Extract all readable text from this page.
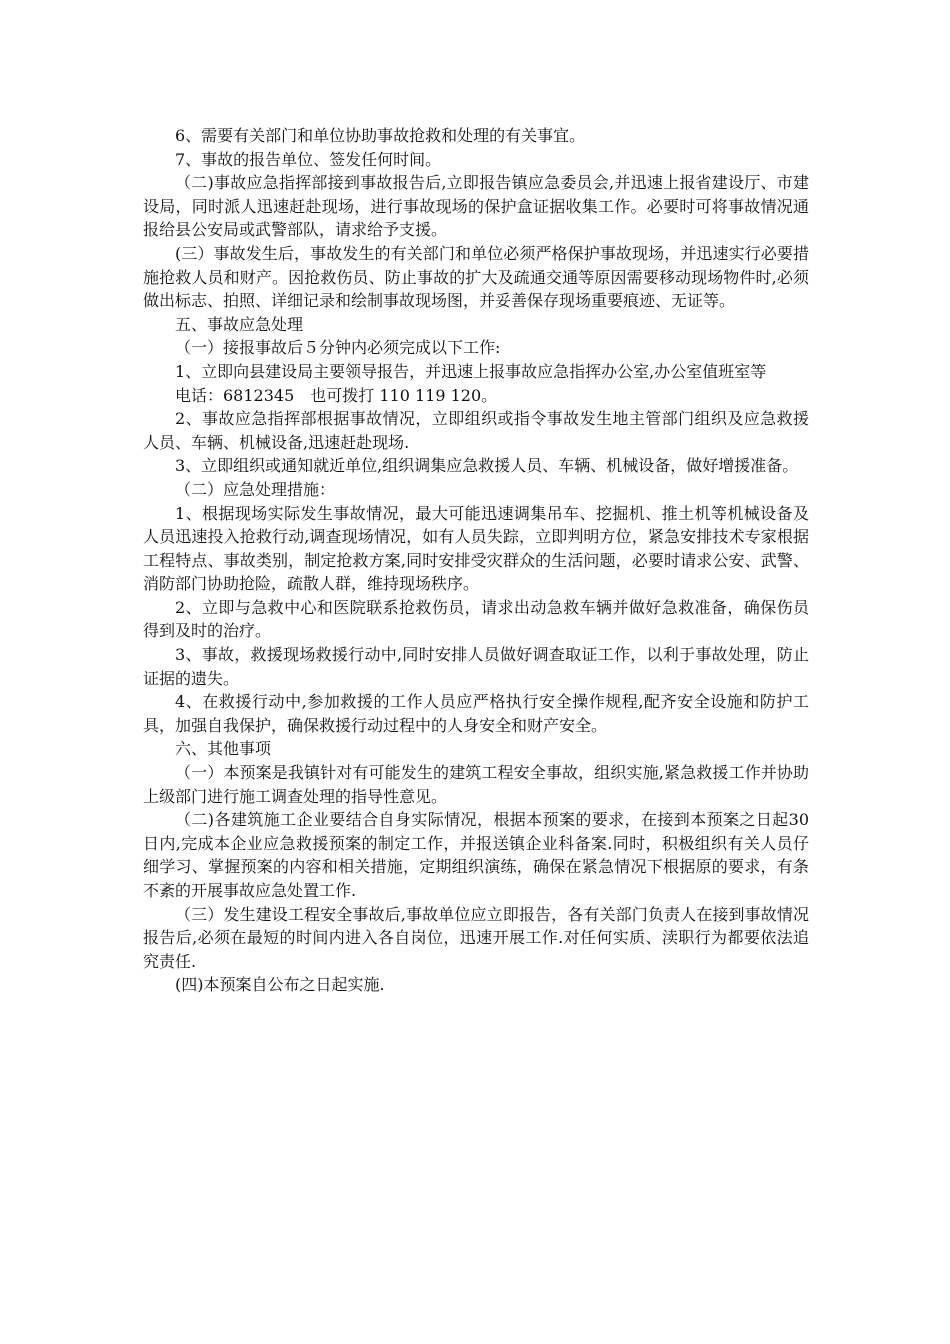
6、需要有关部门和单位协助事故抢救和处理的有关事宜。

7、事故的报告单位、签发任何时间。

（二)事故应急指挥部接到事故报告后,立即报告镇应急委员会,并迅速上报省建设厅、市建设局，同时派人迅速赶赴现场，进行事故现场的保护盒证据收集工作。必要时可将事故情况通报给县公安局或武警部队，请求给予支援。

(三）事故发生后，事故发生的有关部门和单位必须严格保护事故现场，并迅速实行必要措施抢救人员和财产。因抢救伤员、防止事故的扩大及疏通交通等原因需要移动现场物件时,必须做出标志、拍照、详细记录和绘制事故现场图，并妥善保存现场重要痕迹、无证等。

五、事故应急处理

（一）接报事故后５分钟内必须完成以下工作:

1、立即向县建设局主要领导报告，并迅速上报事故应急指挥办公室,办公室值班室等

电话：6812345　也可拨打 110 119 120。

2、事故应急指挥部根据事故情况，立即组织或指令事故发生地主管部门组织及应急救援人员、车辆、机械设备,迅速赶赴现场.

3、立即组织或通知就近单位,组织调集应急救援人员、车辆、机械设备，做好增援准备。

（二）应急处理措施：

1、根据现场实际发生事故情况，最大可能迅速调集吊车、挖掘机、推土机等机械设备及人员迅速投入抢救行动,调查现场情况，如有人员失踪，立即判明方位，紧急安排技术专家根据工程特点、事故类别，制定抢救方案,同时安排受灾群众的生活问题，必要时请求公安、武警、消防部门协助抢险，疏散人群，维持现场秩序。

2、立即与急救中心和医院联系抢救伤员，请求出动急救车辆并做好急救准备，确保伤员得到及时的治疗。

3、事故，救援现场救援行动中,同时安排人员做好调查取证工作，以利于事故处理，防止证据的遗失。

4、在救援行动中,参加救援的工作人员应严格执行安全操作规程,配齐安全设施和防护工具，加强自我保护，确保救援行动过程中的人身安全和财产安全。

六、其他事项

（一）本预案是我镇针对有可能发生的建筑工程安全事故，组织实施,紧急救援工作并协助上级部门进行施工调查处理的指导性意见。

（二)各建筑施工企业要结合自身实际情况，根据本预案的要求，在接到本预案之日起30日内,完成本企业应急救援预案的制定工作，并报送镇企业科备案.同时，积极组织有关人员仔细学习、掌握预案的内容和相关措施，定期组织演练，确保在紧急情况下根据原的要求，有条不紊的开展事故应急处置工作.

（三）发生建设工程安全事故后,事故单位应立即报告，各有关部门负责人在接到事故情况报告后,必须在最短的时间内进入各自岗位，迅速开展工作.对任何实质、渎职行为都要依法追究责任.

(四)本预案自公布之日起实施.
